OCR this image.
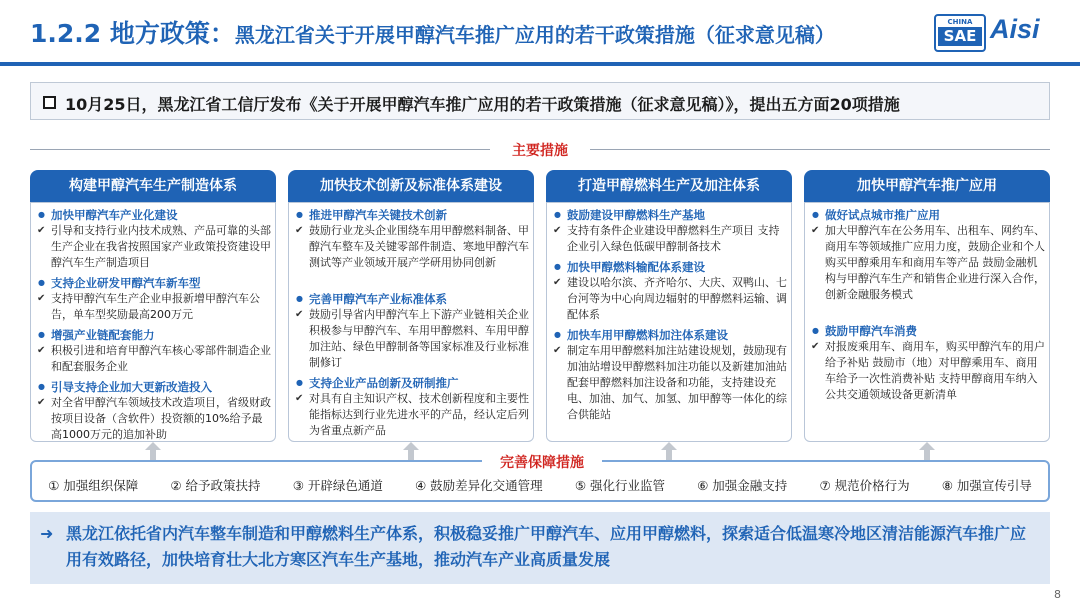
1.2.2 地方政策：黑龙江省关于开展甲醇汽车推广应用的若干政策措施（征求意见稿）
CHINA
SAE Aisi
10月25日，黑龙江省工信厅发布《关于开展甲醇汽车推广应用的若干政策措施（征求意见稿）》，提出五方面20项措施
主要措施
构建甲醇汽车生产制造体系
● 加快甲醇汽车产业化建设
✔ 引导和支持行业内技术成熟、产品可靠的头部生产企业在我省按照国家产业政策投资建设甲醇汽车生产制造项目
● 支持企业研发甲醇汽车新车型
✔ 支持甲醇汽车生产企业申报新增甲醇汽车公告，单车型奖励最高200万元
● 增强产业链配套能力
✔ 积极引进和培育甲醇汽车核心零部件制造企业和配套服务企业
● 引导支持企业加大更新改造投入
✔ 对全省甲醇汽车领域技术改造项目，省级财政按项目设备（含软件）投资额的10%给予最高1000万元的追加补助
加快技术创新及标准体系建设
● 推进甲醇汽车关键技术创新
✔ 鼓励行业龙头企业围绕车用甲醇燃料制备、甲醇汽车整车及关键零部件制造、寒地甲醇汽车测试等产业领域开展产学研用协同创新
● 完善甲醇汽车产业标准体系
✔ 鼓励引导省内甲醇汽车上下游产业链相关企业积极参与甲醇汽车、车用甲醇燃料、车用甲醇加注站、绿色甲醇制备等国家标准及行业标准制修订
● 支持企业产品创新及研制推广
✔ 对具有自主知识产权、技术创新程度和主要性能指标达到行业先进水平的产品，经认定后列为省重点新产品
打造甲醇燃料生产及加注体系
● 鼓励建设甲醇燃料生产基地
✔ 支持有条件企业建设甲醇燃料生产项目 支持企业引入绿色低碳甲醇制备技术
● 加快甲醇燃料输配体系建设
✔ 建设以哈尔滨、齐齐哈尔、大庆、双鸭山、七台河等为中心向周边辐射的甲醇燃料运输、调配体系
● 加快车用甲醇燃料加注体系建设
✔ 制定车用甲醇燃料加注站建设规划，鼓励现有加油站增设甲醇燃料加注功能以及新建加油站配套甲醇燃料加注设备和功能，支持建设充电、加油、加气、加氢、加甲醇等一体化的综合供能站
加快甲醇汽车推广应用
● 做好试点城市推广应用
✔ 加大甲醇汽车在公务用车、出租车、网约车、商用车等领域推广应用力度，鼓励企业和个人购买甲醇乘用车和商用车等产品 鼓励金融机构与甲醇汽车生产和销售企业进行深入合作，创新金融服务模式
● 鼓励甲醇汽车消费
✔ 对报废乘用车、商用车，购买甲醇汽车的用户给予补贴 鼓励市（地）对甲醇乘用车、商用车给予一次性消费补贴 支持甲醇商用车纳入公共交通领域设备更新清单
完善保障措施
① 加强组织保障	② 给予政策扶持	③ 开辟绿色通道	④ 鼓励差异化交通管理	⑤ 强化行业监管	⑥ 加强金融支持	⑦ 规范价格行为	⑧ 加强宣传引导
➜ 黑龙江依托省内汽车整车制造和甲醇燃料生产体系，积极稳妥推广甲醇汽车、应用甲醇燃料，探索适合低温寒冷地区清洁能源汽车推广应用有效路径，加快培育壮大北方寒区汽车生产基地，推动汽车产业高质量发展
8
